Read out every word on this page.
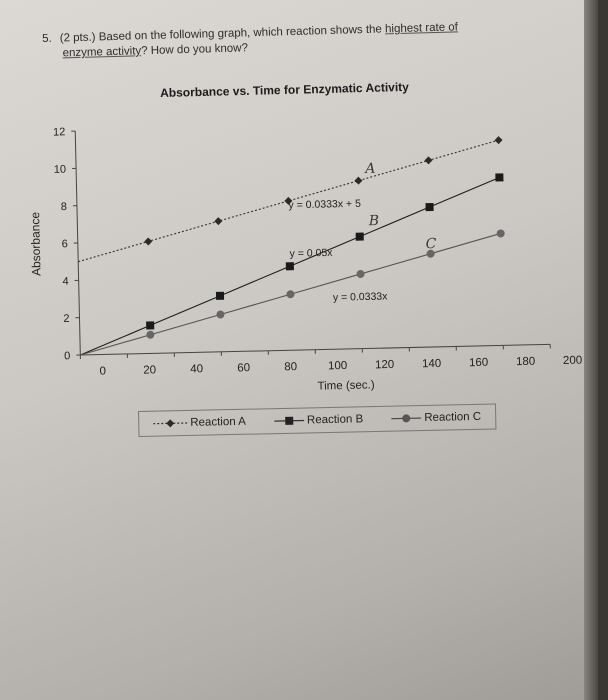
5. (2 pts.) Based on the following graph, which reaction shows the highest rate of
enzyme activity? How do you know?
Absorbance vs. Time for Enzymatic Activity
0
2
4
6
8
10
12
0	20	40	60	80	100 120 140 160 180 200
Time (sec.)
Absorbance
y = 0.0333x + 5
y = 0.05x
y = 0.0333x
A
B
C
Reaction A	Reaction B	Reaction C
